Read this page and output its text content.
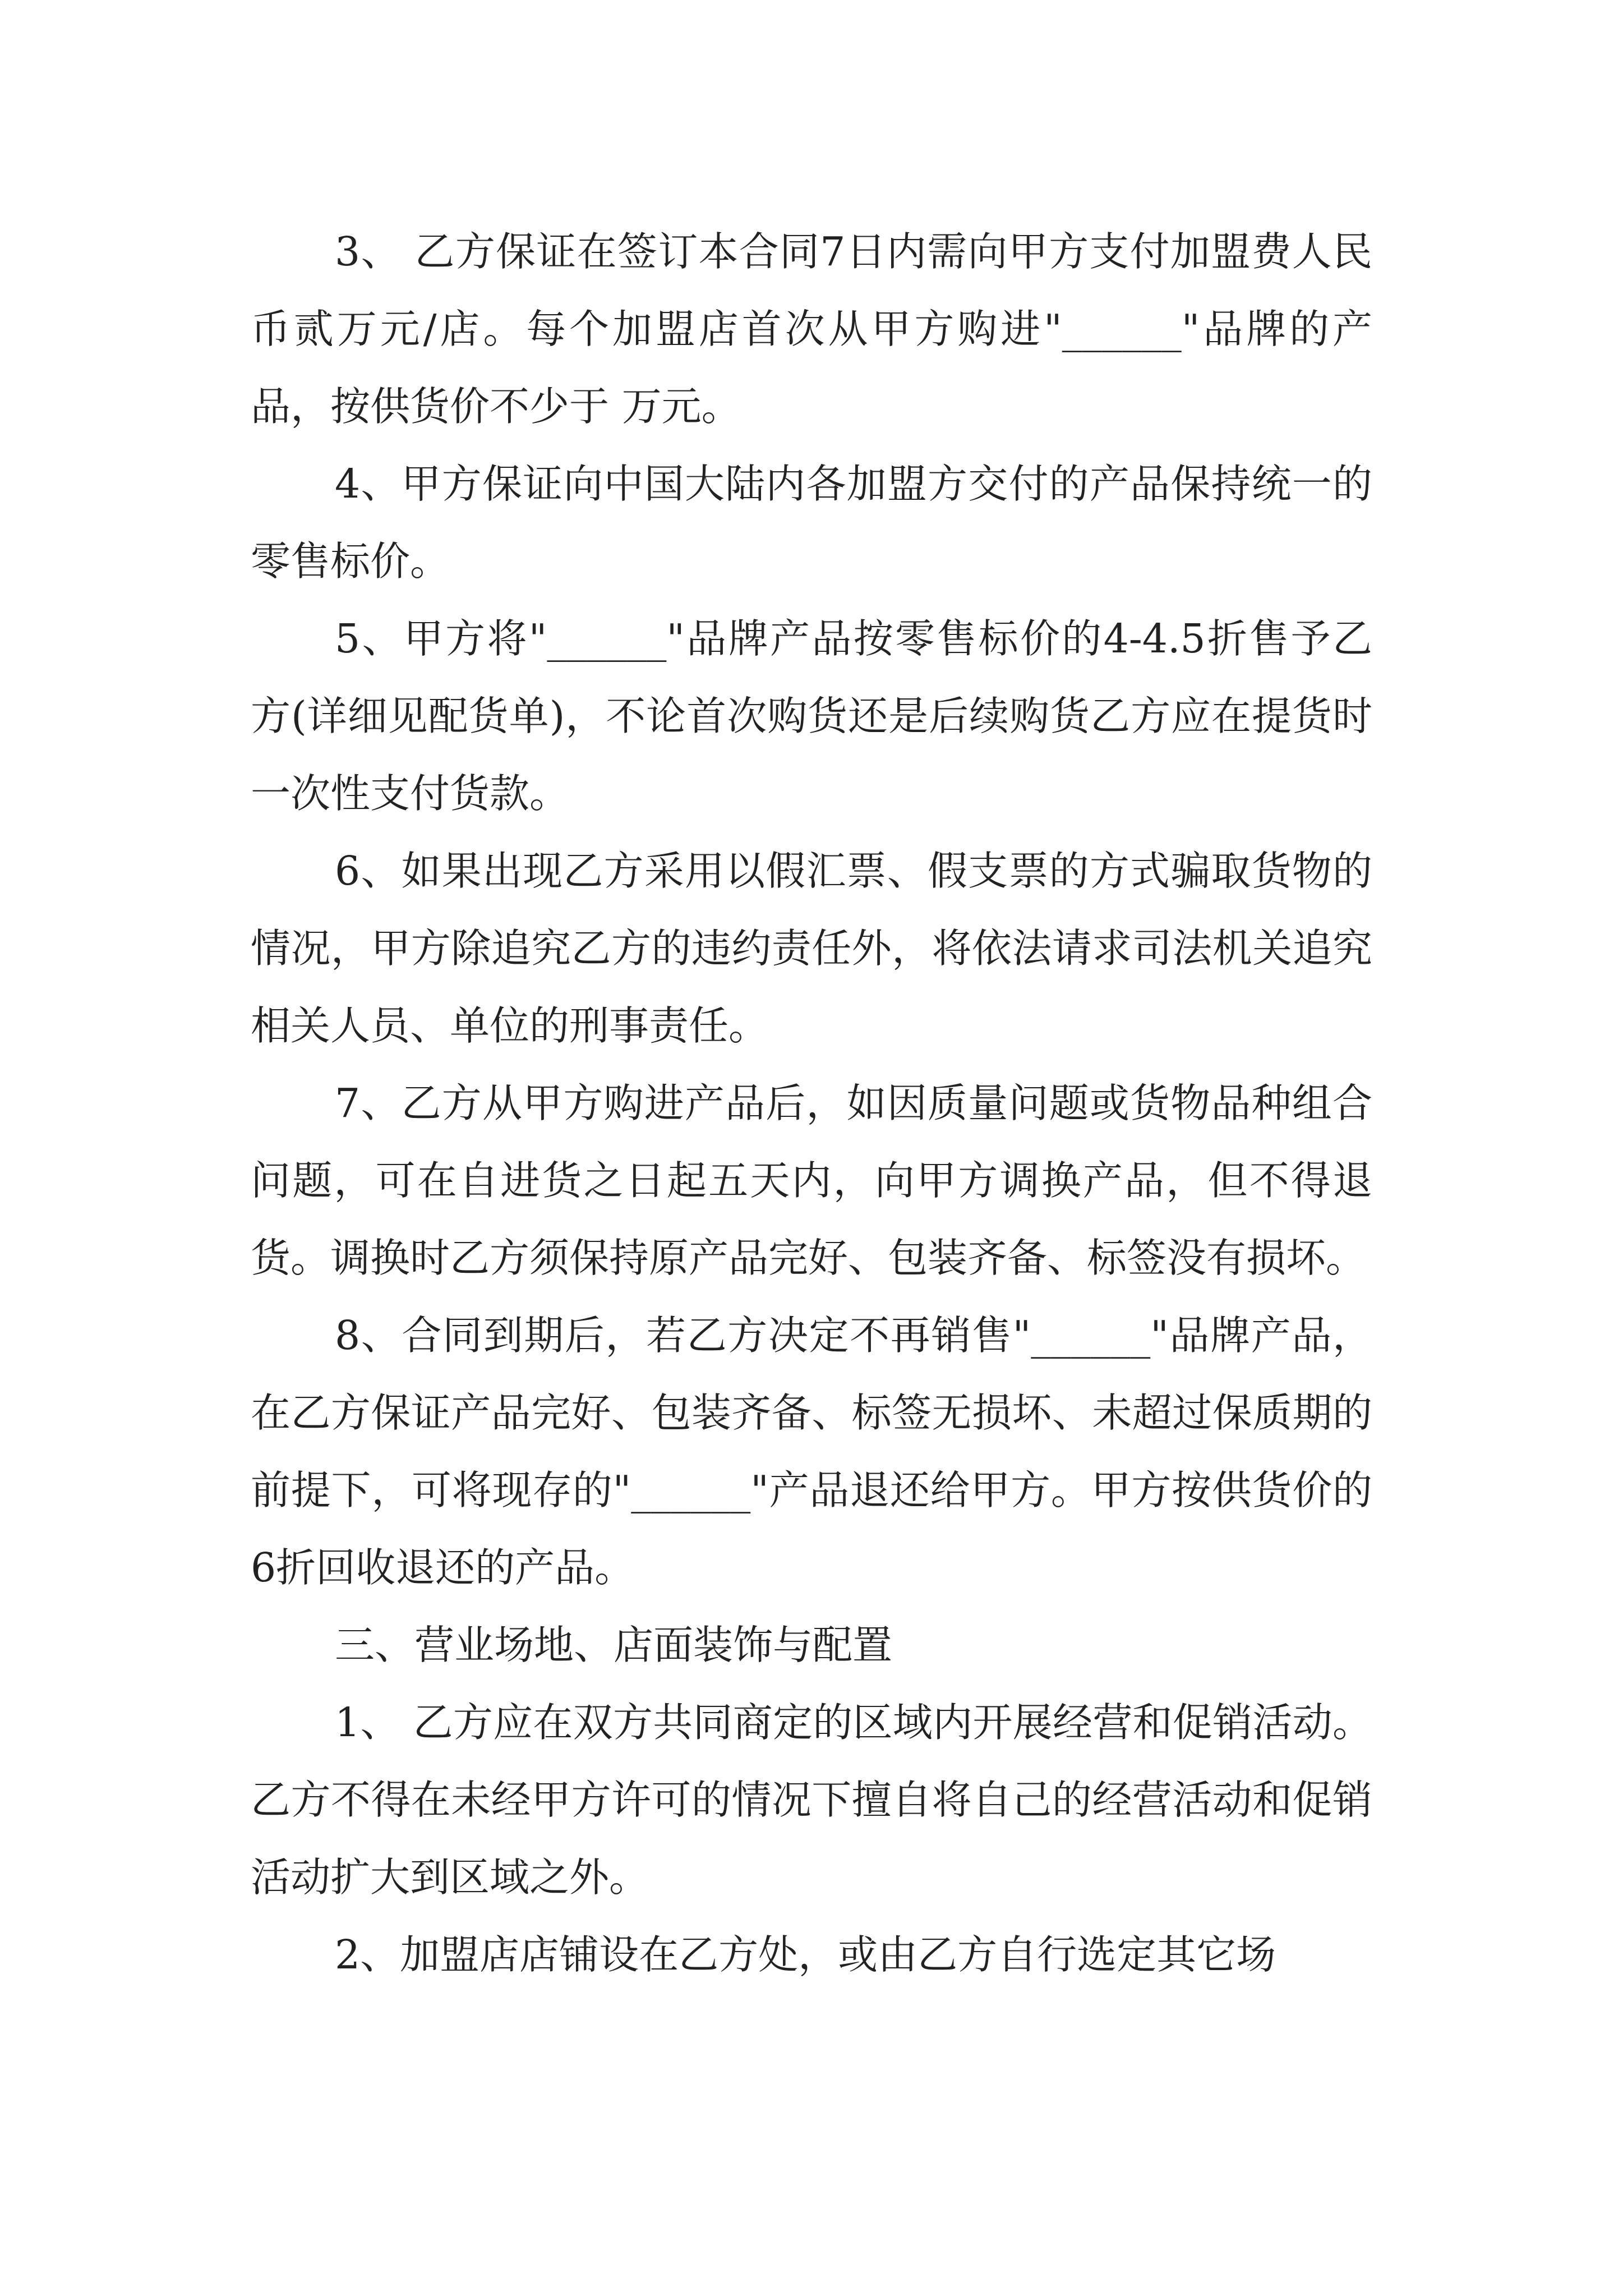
3、 乙方保证在签订本合同7日内需向甲方支付加盟费人民币贰万元/店。每个加盟店首次从甲方购进"______"品牌的产品，按供货价不少于 万元。

4、甲方保证向中国大陆内各加盟方交付的产品保持统一的零售标价。

5、甲方将"______"品牌产品按零售标价的4-4.5折售予乙方(详细见配货单)，不论首次购货还是后续购货乙方应在提货时一次性支付货款。

6、如果出现乙方采用以假汇票、假支票的方式骗取货物的情况，甲方除追究乙方的违约责任外，将依法请求司法机关追究相关人员、单位的刑事责任。

7、乙方从甲方购进产品后，如因质量问题或货物品种组合问题，可在自进货之日起五天内，向甲方调换产品，但不得退货。调换时乙方须保持原产品完好、包装齐备、标签没有损坏。

8、合同到期后，若乙方决定不再销售"______"品牌产品，在乙方保证产品完好、包装齐备、标签无损坏、未超过保质期的前提下，可将现存的"______"产品退还给甲方。甲方按供货价的6折回收退还的产品。

三、营业场地、店面装饰与配置

1、 乙方应在双方共同商定的区域内开展经营和促销活动。乙方不得在未经甲方许可的情况下擅自将自己的经营活动和促销活动扩大到区域之外。

2、加盟店店铺设在乙方处，或由乙方自行选定其它场
